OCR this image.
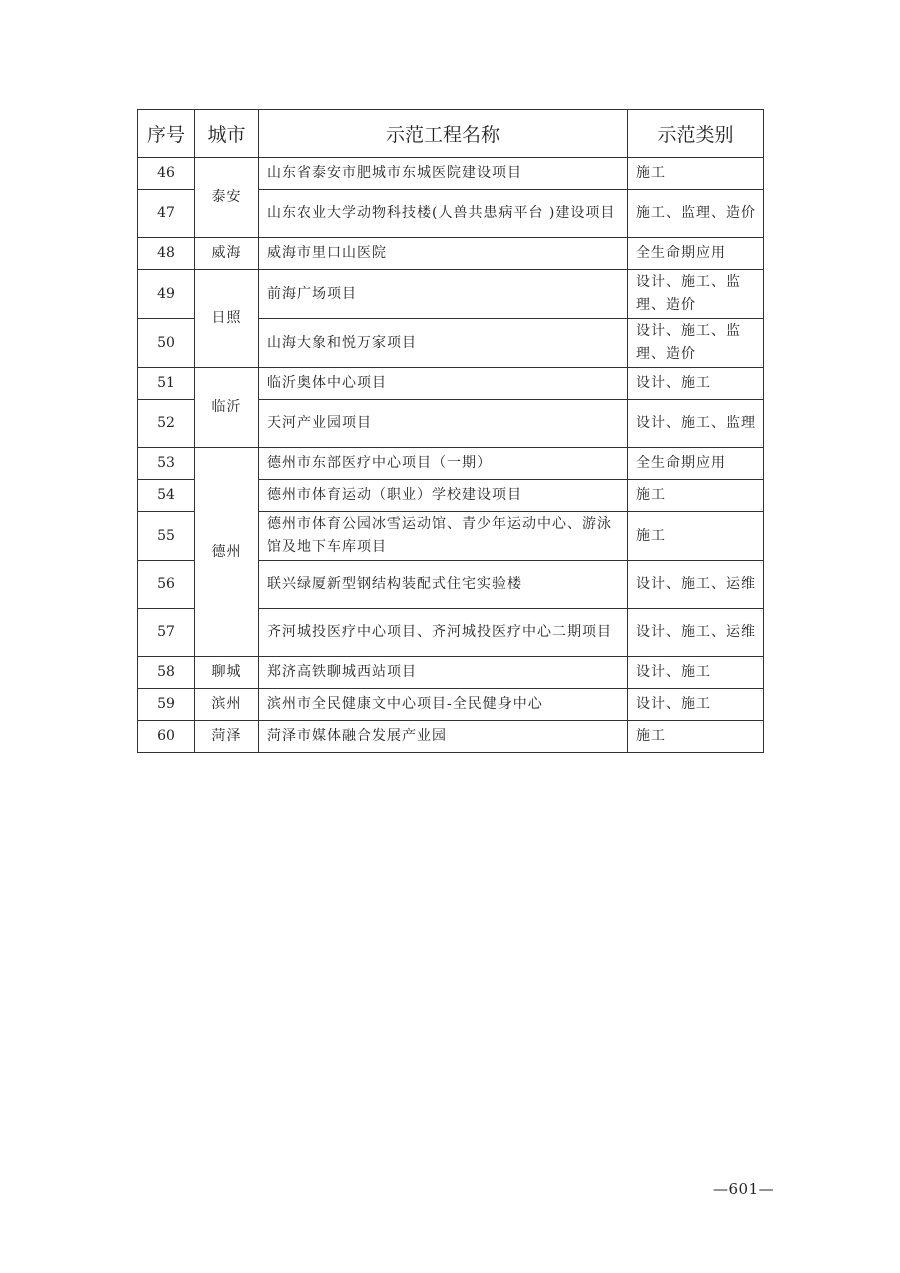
序号	城市	示范工程名称	示范类别
46	泰安	山东省泰安市肥城市东城医院建设项目	施工
47		山东农业大学动物科技楼(人兽共患病平台 )建设项目	施工、监理、造价
48	威海	威海市里口山医院	全生命期应用
49	日照	前海广场项目	设计、施工、监理、造价
50		山海大象和悦万家项目	设计、施工、监理、造价
51	临沂	临沂奥体中心项目	设计、施工
52		天河产业园项目	设计、施工、监理
53	德州	德州市东部医疗中心项目（一期）	全生命期应用
54		德州市体育运动（职业）学校建设项目	施工
55		德州市体育公园冰雪运动馆、青少年运动中心、游泳馆及地下车库项目	施工
56		联兴绿厦新型钢结构装配式住宅实验楼	设计、施工、运维
57		齐河城投医疗中心项目、齐河城投医疗中心二期项目	设计、施工、运维
58	聊城	郑济高铁聊城西站项目	设计、施工
59	滨州	滨州市全民健康文中心项目-全民健身中心	设计、施工
60	菏泽	菏泽市媒体融合发展产业园	施工
—601—
